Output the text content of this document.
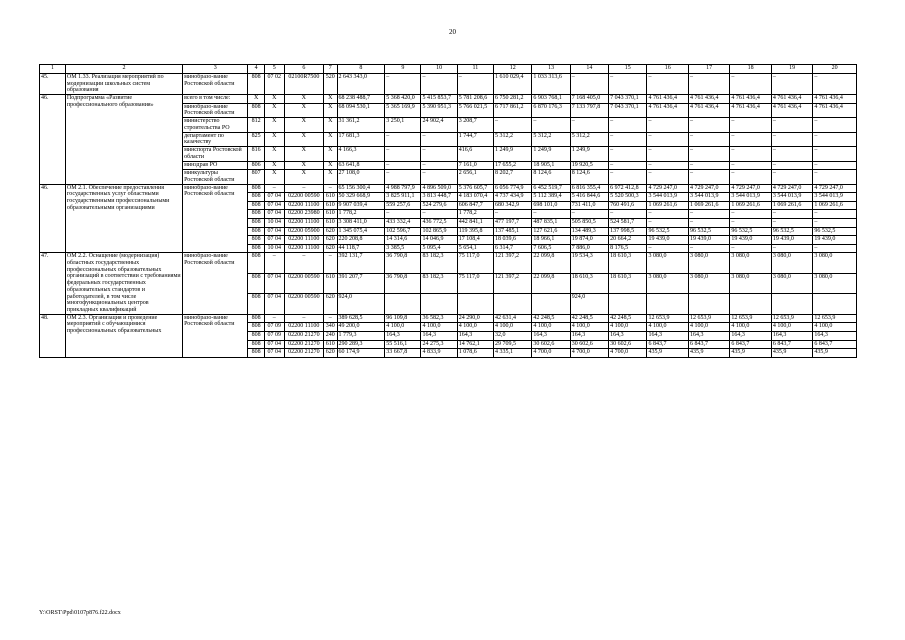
20
1	2	3	4	5	6	7	8	9	10	11	12	13	14	15	16	17	18	19	20
45.	ОМ 1.33. Реализация мероприятий по модернизации школьных систем образования	минобразо-вание Ростовской области	808	07 02	02100R7500	520	2 643 343,0	–	–	–	1 610 029,4	1 033 313,6	–	–	–	–	–	–	–
46.	Подпрограмма «Развитие профессионального образования»	всего в том числе:	X	X	X	X	68 238 488,7	5 368 420,0	5 415 853,7	5 781 208,6	6 750 281,2	6 903 768,1	7 168 405,0	7 043 370,1	4 761 436,4	4 761 436,4	4 761 436,4	4 761 436,4	4 761 436,4
		минобразо-вание Ростовской области	808	X	X	X	68 094 530,1	5 365 169,9	5 390 951,3	5 766 021,5	6 717 861,2	6 870 176,3	7 133 797,8	7 043 370,1	4 761 436,4	4 761 436,4	4 761 436,4	4 761 436,4	4 761 436,4
		министерство строительства РО	812	X	X	X	31 361,2	3 250,1	24 902,4	3 208,7	–	–	–	–	–	–	–	–	–
		департамент по казачеству	825	X	X	X	17 681,3	–	–	1 744,7	5 312,2	5 312,2	5 312,2	–	–	–	–	–	–
		минспорта Ростовской области	816	X	X	X	4 166,3	–	–	416,6	1 249,9	1 249,9	1 249,9	–	–	–	–	–	–
		минздрав РО	806	X	X	X	63 641,8	–	–	7 161,0	17 655,2	18 905,1	19 920,5	–	–	–	–	–	–
		минкультуры Ростовской области	807	X	X	X	27 108,0	–	–	2 656,1	8 202,7	8 124,6	8 124,6	–	–	–	–	–	–
46.	ОМ 2.1. Обеспечение предоставления государственных услуг областными государственными профессиональными образовательными организациями	минобразо-вание Ростовской области	808	–	–	–	65 156 300,4	4 988 797,9	4 896 509,0	5 376 605,7	6 056 774,9	6 452 519,7	6 816 355,4	6 972 412,8	4 729 247,0	4 729 247,0	4 729 247,0	4 729 247,0	4 729 247,0
			808	07 04	02200 00590	610	50 329 668,9	3 825 911,1	3 813 448,7	4 183 070,4	4 737 434,9	5 112 389,4	5 416 844,6	5 520 500,3	3 544 013,9	3 544 013,9	3 544 013,9	3 544 013,9	3 544 013,9
			808	07 04	02200 11100	610	9 907 039,4	559 257,6	524 279,6	606 847,7	680 342,9	698 101,0	731 411,0	760 491,6	1 069 261,6	1 069 261,6	1 069 261,6	1 069 261,6	1 069 261,6
			808	07 04	02200 23980	610	1 778,2	–	–	1 778,2	–	–	–	–	–	–	–	–	–
			808	10 04	02200 11100	610	3 308 411,0	433 332,4	436 772,5	442 841,1	477 197,7	487 835,1	505 850,5	524 581,7	–	–	–	–	–
			808	07 04	02200 05900	620	1 345 075,4	102 596,7	102 865,9	119 395,8	137 485,1	127 621,6	134 489,3	137 998,5	96 532,5	96 532,5	96 532,5	96 532,5	96 532,5
			808	07 04	02200 11100	620	220 208,8	14 314,6	14 046,9	17 108,4	18 039,6	18 966,1	19 874,0	20 664,2	19 439,0	19 439,0	19 439,0	19 439,0	19 439,0
			808	10 04	02200 11100	620	44 118,7	3 385,5	5 095,4	5 654,1	6 314,7	7 606,5	7 886,0	8 176,5	–	–	–	–	–
47.	ОМ 2.2. Оснащение (модернизация) областных государственных профессиональных образовательных организаций в соответствии с требованиями федеральных государственных образовательных стандартов и работодателей, в том числе многофункциональных центров прикладных квалификаций	минобразо-вание Ростовской области	808	–	–	–	392 131,7	36 790,8	83 182,3	75 117,0	121 397,2	22 099,8	19 534,3	18 610,3	3 080,0	3 080,0	3 080,0	3 080,0	3 080,0
			808	07 04	02200 00590	610	391 207,7	36 790,8	83 182,3	75 117,0	121 397,2	22 099,8	18 610,3	18 610,3	3 080,0	3 080,0	3 080,0	3 080,0	3 080,0
			808	07 04	02200 00590	620	924,0						924,0						
48.	ОМ 2.3. Организация и проведение мероприятий с обучающимися профессиональных образовательных	минобразо-вание Ростовской области	808	–	–	–	389 628,5	96 109,8	36 582,3	24 290,0	42 631,4	42 248,5	42 248,5	42 248,5	12 653,9	12 653,9	12 653,9	12 653,9	12 653,9
			808	07 09	02200 11100	340	49 200,0	4 100,0	4 100,0	4 100,0	4 100,0	4 100,0	4 100,0	4 100,0	4 100,0	4 100,0	4 100,0	4 100,0	4 100,0
			808	07 09	02200 21270	240	1 779,3	164,3	164,3	164,3	32,0	164,3	164,3	164,3	164,3	164,3	164,3	164,3	164,3
			808	07 04	02200 21270	610	290 289,3	55 516,1	24 275,3	14 762,1	29 709,5	30 602,6	30 602,6	30 602,6	6 843,7	6 843,7	6 843,7	6 843,7	6 843,7
			808	07 04	02200 21270	620	60 174,9	33 667,8	4 833,9	1 078,6	4 335,1	4 700,0	4 700,0	4 700,0	435,9	435,9	435,9	435,9	435,9
Y:\ORST\Ppd\0107p876.f22.docx
